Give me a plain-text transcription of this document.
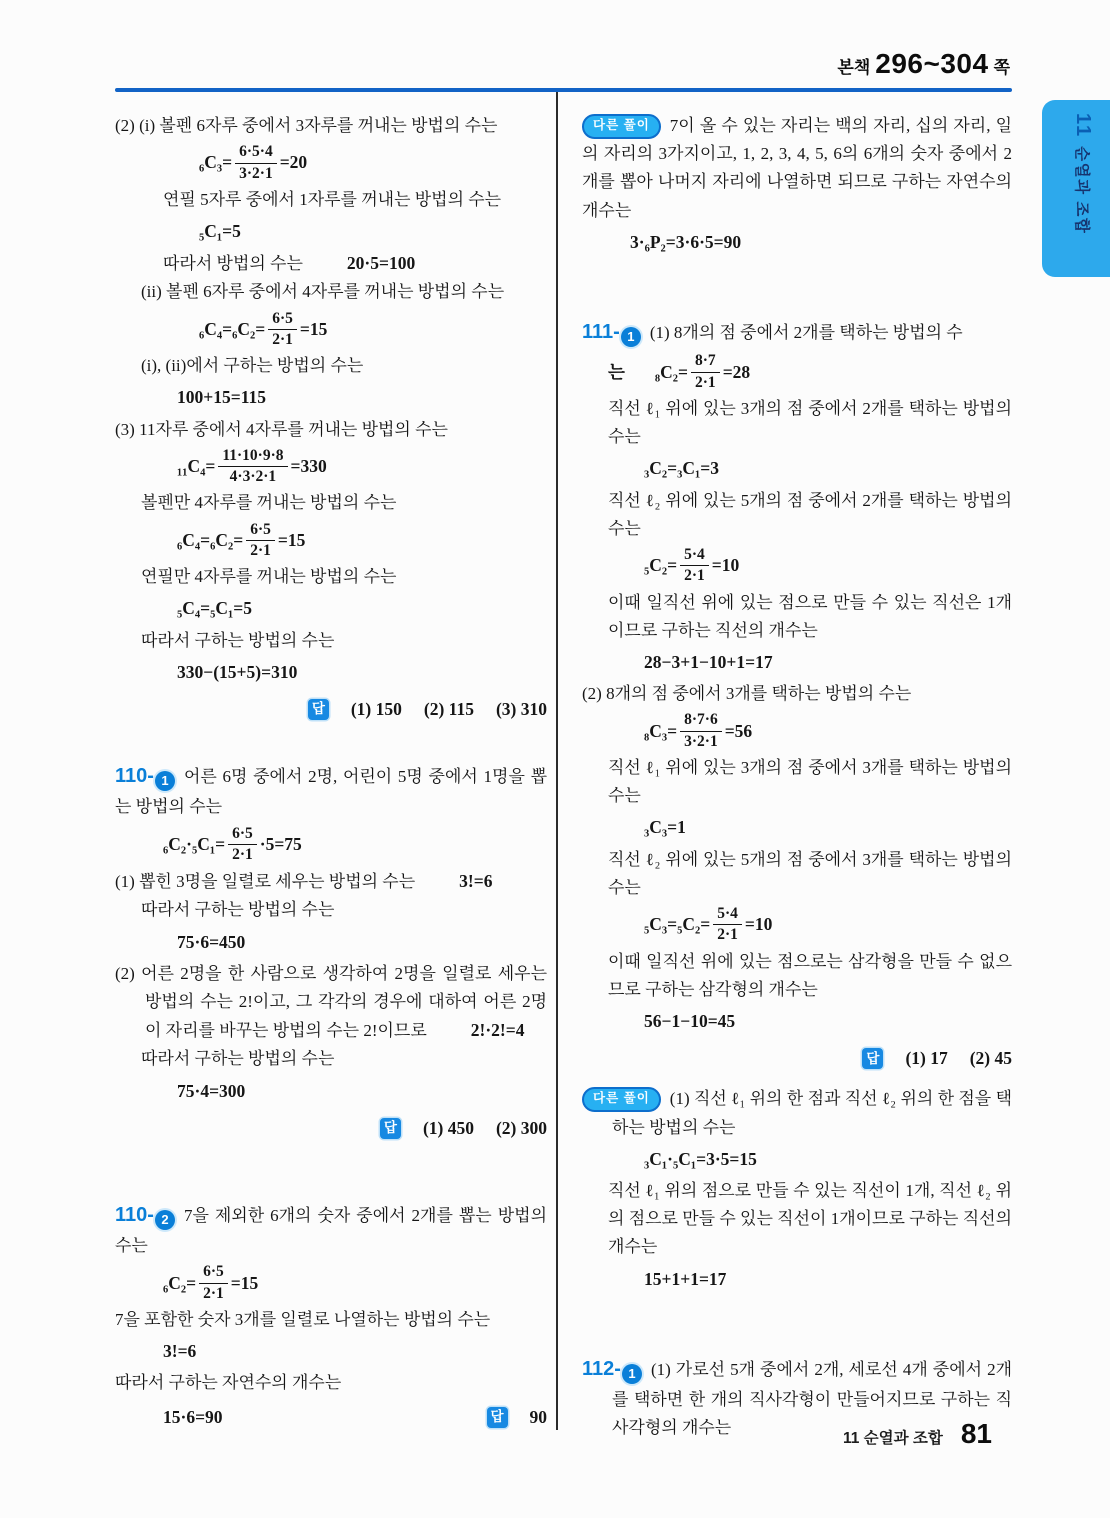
본책 296~304 쪽
11순열과 조합
(2) (i) 볼펜 6자루 중에서 3자루를 꺼내는 방법의 수는
$_6C_3= \frac{6\cdot 5\cdot 4}{3\cdot 2\cdot 1} =20$
연필 5자루 중에서 1자루를 꺼내는 방법의 수는
₅C₁=5
따라서 방법의 수는	20·5=100
(ii) 볼펜 6자루 중에서 4자루를 꺼내는 방법의 수는
$_6C_4=_6C_2= \frac{6\cdot 5}{2\cdot 1} =15$
(i), (ii)에서 구하는 방법의 수는
100+15=115
(3) 11자루 중에서 4자루를 꺼내는 방법의 수는
$_{11}C_4= \frac{11\cdot 10\cdot 9\cdot 8}{4\cdot 3\cdot 2\cdot 1} =330$
볼펜만 4자루를 꺼내는 방법의 수는
$_6C_4=_6C_2= \frac{6\cdot 5}{2\cdot 1} =15$
연필만 4자루를 꺼내는 방법의 수는
₅C₄=₅C₁=5
따라서 구하는 방법의 수는
330−(15+5)=310
답 (1) 150 (2) 115 (3) 310
110- 1 어른 6명 중에서 2명, 어린이 5명 중에서 1명을 뽑는 방법의 수는
$_6C_2\cdot_5C_1= \frac{6\cdot 5}{2\cdot 1} \cdot 5=75$
(1) 뽑힌 3명을 일렬로 세우는 방법의 수는	3!=6
따라서 구하는 방법의 수는
75·6=450
(2) 어른 2명을 한 사람으로 생각하여 2명을 일렬로 세우는 방법의 수는 2!이고, 그 각각의 경우에 대하여 어른 2명이 자리를 바꾸는 방법의 수는 2!이므로	2!·2!=4
따라서 구하는 방법의 수는
75·4=300
답 (1) 450 (2) 300
110- 2 7을 제외한 6개의 숫자 중에서 2개를 뽑는 방법의 수는
$_6C_2= \frac{6\cdot 5}{2\cdot 1} =15$
7을 포함한 숫자 3개를 일렬로 나열하는 방법의 수는
3!=6
따라서 구하는 자연수의 개수는
15·6=90	답 90
다른 풀이 7이 올 수 있는 자리는 백의 자리, 십의 자리, 일의 자리의 3가지이고, 1, 2, 3, 4, 5, 6의 6개의 숫자 중에서 2개를 뽑아 나머지 자리에 나열하면 되므로 구하는 자연수의 개수는
3·₆P₂=3·6·5=90
111- 1 (1) 8개의 점 중에서 2개를 택하는 방법의 수
는 $_8C_2= \frac{8\cdot 7}{2\cdot 1} =28$
직선 ℓ₁ 위에 있는 3개의 점 중에서 2개를 택하는 방법의 수는
₃C₂=₃C₁=3
직선 ℓ₂ 위에 있는 5개의 점 중에서 2개를 택하는 방법의 수는
$_5C_2= \frac{5\cdot 4}{2\cdot 1} =10$
이때 일직선 위에 있는 점으로 만들 수 있는 직선은 1개이므로 구하는 직선의 개수는
28−3+1−10+1=17
(2) 8개의 점 중에서 3개를 택하는 방법의 수는
$_8C_3= \frac{8\cdot 7\cdot 6}{3\cdot 2\cdot 1} =56$
직선 ℓ₁ 위에 있는 3개의 점 중에서 3개를 택하는 방법의 수는
₃C₃=1
직선 ℓ₂ 위에 있는 5개의 점 중에서 3개를 택하는 방법의 수는
$_5C_3=_5C_2= \frac{5\cdot 4}{2\cdot 1} =10$
이때 일직선 위에 있는 점으로는 삼각형을 만들 수 없으므로 구하는 삼각형의 개수는
56−1−10=45
답 (1) 17 (2) 45
다른 풀이 (1) 직선 ℓ₁ 위의 한 점과 직선 ℓ₂ 위의 한 점을 택하는 방법의 수는
₃C₁·₅C₁=3·5=15
직선 ℓ₁ 위의 점으로 만들 수 있는 직선이 1개, 직선 ℓ₂ 위의 점으로 만들 수 있는 직선이 1개이므로 구하는 직선의 개수는
15+1+1=17
112- 1 (1) 가로선 5개 중에서 2개, 세로선 4개 중에서 2개를 택하면 한 개의 직사각형이 만들어지므로 구하는 직사각형의 개수는
11 순열과 조합 81
